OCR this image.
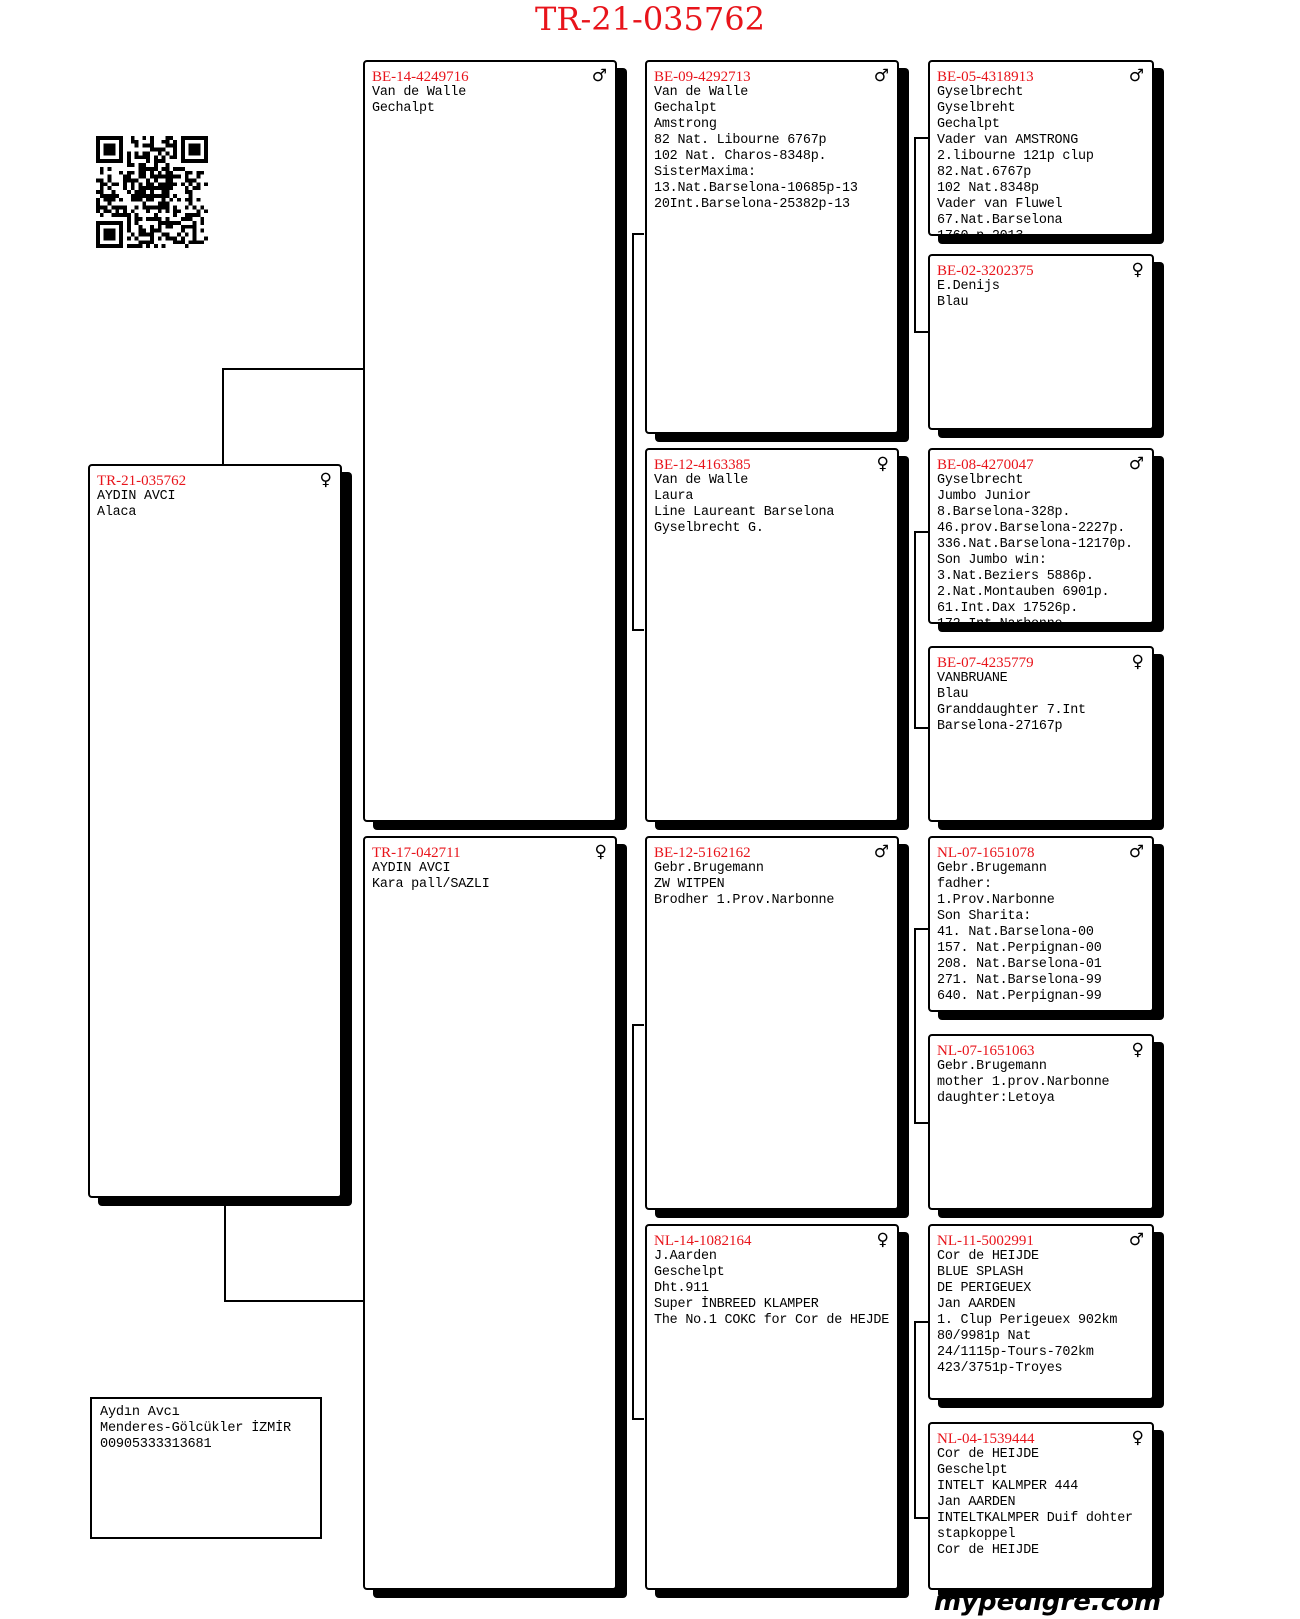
TR-21-035762
♀
TR-21-035762
AYDIN AVCI
Alaca
♂
BE-14-4249716
Van de Walle
Gechalpt
♀
TR-17-042711
AYDIN AVCI
Kara pall/SAZLI
♂
BE-09-4292713
Van de Walle
Gechalpt
Amstrong
82 Nat. Libourne 6767p
102 Nat. Charos-8348p.
SisterMaxima:
13.Nat.Barselona-10685p-13
20Int.Barselona-25382p-13
♀
BE-12-4163385
Van de Walle
Laura
Line Laureant Barselona
Gyselbrecht G.
♂
BE-12-5162162
Gebr.Brugemann
ZW WITPEN
Brodher 1.Prov.Narbonne
♀
NL-14-1082164
J.Aarden
Geschelpt
Dht.911
Super İNBREED KLAMPER
The No.1 COKC for Cor de HEJDE
♂
BE-05-4318913
Gyselbrecht
Gyselbreht
Gechalpt
Vader van AMSTRONG
2.libourne 121p clup
82.Nat.6767p
102 Nat.8348p
Vader van Fluwel
67.Nat.Barselona
1760 p 2013
♀
BE-02-3202375
E.Denijs
Blau
♂
BE-08-4270047
Gyselbrecht
Jumbo Junior
8.Barselona-328p.
46.prov.Barselona-2227p.
336.Nat.Barselona-12170p.
Son Jumbo win:
3.Nat.Beziers 5886p.
2.Nat.Montauben 6901p.
61.Int.Dax 17526p.
172.Int.Narbonne
♀
BE-07-4235779
VANBRUANE
Blau
Granddaughter 7.Int
Barselona-27167p
♂
NL-07-1651078
Gebr.Brugemann
fadher:
1.Prov.Narbonne
Son Sharita:
41. Nat.Barselona-00
157. Nat.Perpignan-00
208. Nat.Barselona-01
271. Nat.Barselona-99
640. Nat.Perpignan-99
♀
NL-07-1651063
Gebr.Brugemann
mother 1.prov.Narbonne
daughter:Letoya
♂
NL-11-5002991
Cor de HEIJDE
BLUE SPLASH
DE PERIGEUEX
Jan AARDEN
1. Clup Perigeuex 902km
80/9981p Nat
24/1115p-Tours-702km
423/3751p-Troyes
♀
NL-04-1539444
Cor de HEIJDE
Geschelpt
INTELT KALMPER 444
Jan AARDEN
INTELTKALMPER Duif dohter
stapkoppel
Cor de HEIJDE
Aydın Avcı
Menderes-Gölcükler İZMİR
00905333313681
mypedigre.com
